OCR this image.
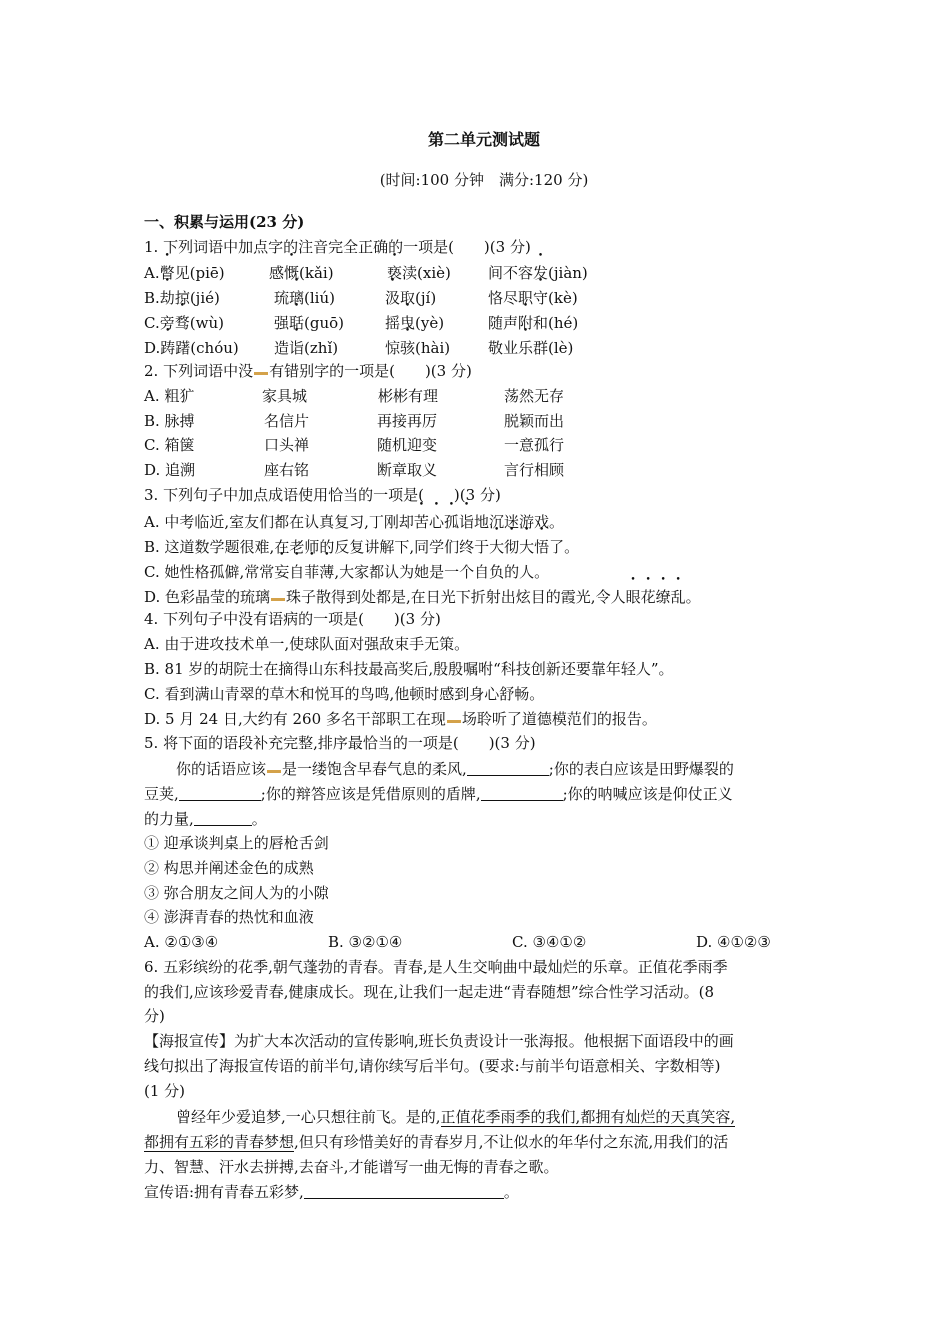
第二单元测试题
(时间:100 分钟　满分:120 分)
一、积累与运用(23 分)
1. 下列词语中加点字的注音完全正确的一项是(　　)(3 分)
A.瞥见(piē)	感慨(kǎi)	亵渎(xiè) 间不容发(jiàn)
B.劫掠(jié)	琉璃(liú)	汲取(jí)	恪尽职守(kè)
C.旁骛(wù)	强聒(guō)	摇曳(yè)	随声附和(hé)
D.踌躇(chóu) 造诣(zhǐ)	惊骇(hài)	敬业乐群(lè)
2. 下列词语中没 有错别字的一项是(　　)(3 分)
A. 粗犷	家具城	彬彬有理	荡然无存
B. 脉搏	名信片	再接再厉	脱颖而出
C. 箱箧	口头禅	随机迎变	一意孤行
D. 追溯	座右铭	断章取义	言行相顾
3. 下列句子中加点成语使用恰当的一项是(　　)(3 分)
A. 中考临近,室友们都在认真复习,丁刚却苦心孤诣地沉迷游戏。
B. 这道数学题很难,在老师的反复讲解下,同学们终于大彻大悟了。
C. 她性格孤僻,常常妄自菲薄,大家都认为她是一个自负的人。
D. 色彩晶莹的琉璃 珠子散得到处都是,在日光下折射出炫目的霞光,令人眼花缭乱。
4. 下列句子中没有语病的一项是(　　)(3 分)
A. 由于进攻技术单一,使球队面对强敌束手无策。
B. 81 岁的胡院士在摘得山东科技最高奖后,殷殷嘱咐“科技创新还要靠年轻人”。
C. 看到满山青翠的草木和悦耳的鸟鸣,他顿时感到身心舒畅。
D. 5 月 24 日,大约有 260 多名干部职工在现 场聆听了道德模范们的报告。
5. 将下面的语段补充完整,排序最恰当的一项是(　　)(3 分)
你的话语应该 是一缕饱含早春气息的柔风,	;你的表白应该是田野爆裂的
豆荚,	;你的辩答应该是凭借原则的盾牌,	;你的呐喊应该是仰仗正义
的力量,	。
① 迎承谈判桌上的唇枪舌剑
② 构思并阐述金色的成熟
③ 弥合朋友之间人为的小隙
④ 澎湃青春的热忱和血液
A. ②①③④	B. ③②①④	C. ③④①②	D. ④①②③
6. 五彩缤纷的花季,朝气蓬勃的青春。青春,是人生交响曲中最灿烂的乐章。正值花季雨季
的我们,应该珍爱青春,健康成长。现在,让我们一起走进“青春随想”综合性学习活动。(8
分)
【海报宣传】为扩大本次活动的宣传影响,班长负责设计一张海报。他根据下面语段中的画
线句拟出了海报宣传语的前半句,请你续写后半句。(要求:与前半句语意相关、字数相等)
(1 分)
曾经年少爱追梦,一心只想往前飞。是的,正值花季雨季的我们,都拥有灿烂的天真笑容,
都拥有五彩的青春梦想,但只有珍惜美好的青春岁月,不让似水的年华付之东流,用我们的活
力、智慧、汗水去拼搏,去奋斗,才能谱写一曲无悔的青春之歌。
宣传语:拥有青春五彩梦,	。
